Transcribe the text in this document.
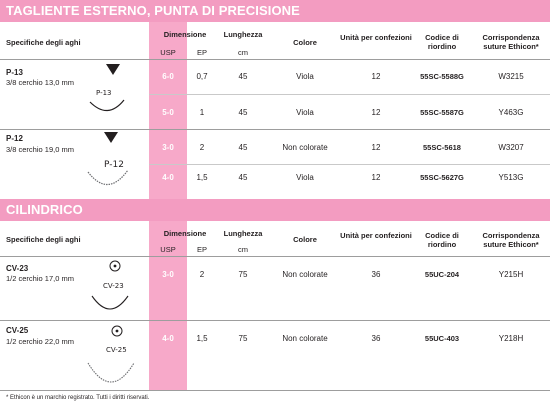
TAGLIENTE ESTERNO, PUNTA DI PRECISIONE
Specifiche degli aghi
Dimensione	Lunghezza
Colore
Unità per confezioni	Codice di riordino
Corrispondenza suture Ethicon*
USP	EP	cm
P-13
3/8 cerchio 13,0 mm
P-13
6-0	0,7	45	Viola	12	55SC-5588G	W3215
5-0	1	45	Viola	12	55SC-5587G	Y463G
P-12
3/8 cerchio 19,0 mm
P-12
3-0	2	45	Non colorate	12	55SC-5618	W3207
4-0	1,5	45	Viola	12	55SC-5627G	Y513G
CILINDRICO
Specifiche degli aghi
Dimensione	Lunghezza
Colore	Unità per confezioni	Codice di riordino
Corrispondenza suture Ethicon*
USP	EP	cm
CV-23
1/2 cerchio 17,0 mm
CV-23
3-0	2	75	Non colorate	36	55UC-204	Y215H
CV-25
1/2 cerchio 22,0 mm
CV-25
4-0	1,5	75	Non colorate	36	55UC-403	Y218H
* Ethicon è un marchio registrato. Tutti i diritti riservati.
